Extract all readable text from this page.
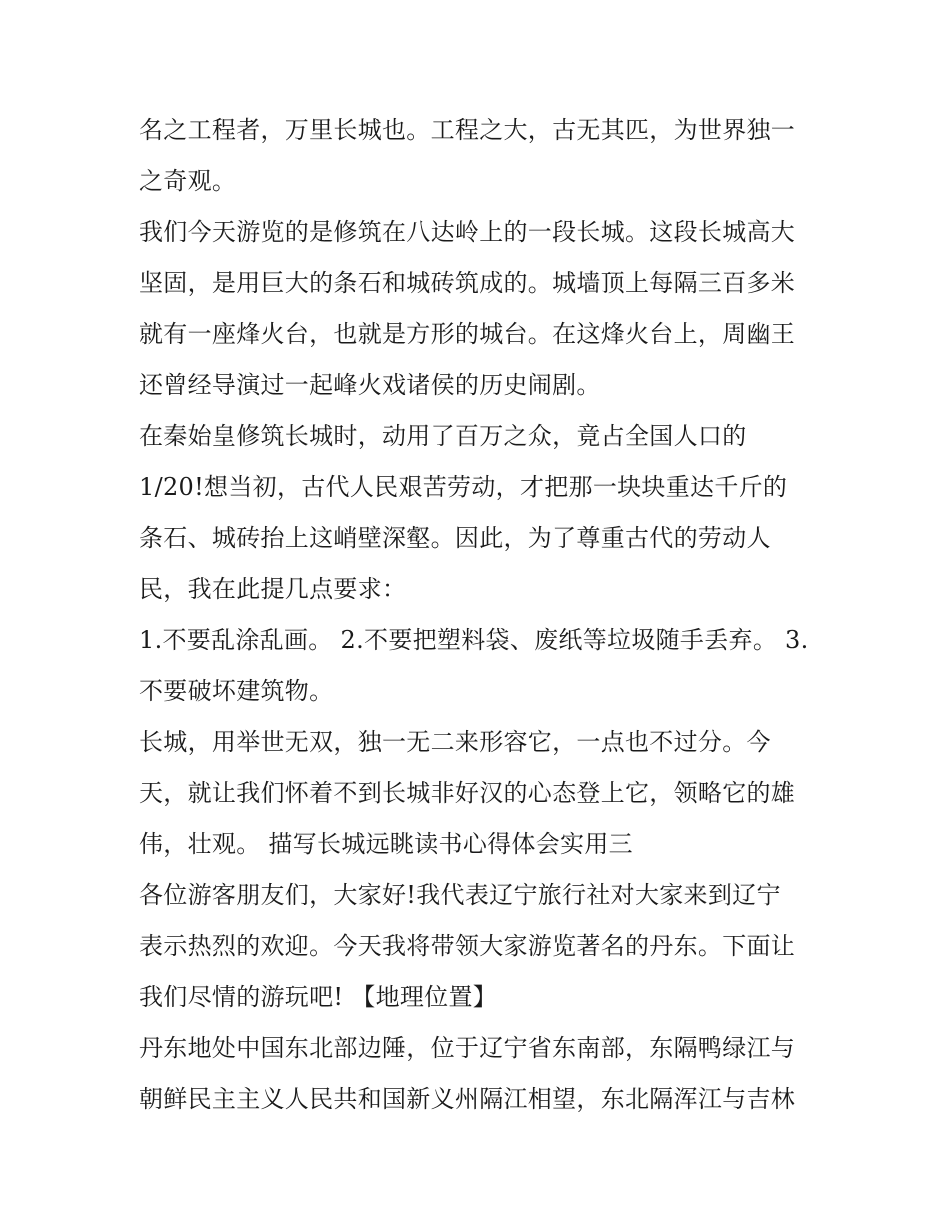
名之工程者，万里长城也。工程之大，古无其匹，为世界独一
之奇观。
我们今天游览的是修筑在八达岭上的一段长城。这段长城高大
坚固，是用巨大的条石和城砖筑成的。城墙顶上每隔三百多米
就有一座烽火台，也就是方形的城台。在这烽火台上，周幽王
还曾经导演过一起峰火戏诸侯的历史闹剧。
在秦始皇修筑长城时，动用了百万之众，竟占全国人口的
1/20!想当初，古代人民艰苦劳动，才把那一块块重达千斤的
条石、城砖抬上这峭壁深壑。因此，为了尊重古代的劳动人
民，我在此提几点要求：
1.不要乱涂乱画。 2.不要把塑料袋、废纸等垃圾随手丢弃。 3.
不要破坏建筑物。
长城，用举世无双，独一无二来形容它，一点也不过分。今
天，就让我们怀着不到长城非好汉的心态登上它，领略它的雄
伟，壮观。 描写长城远眺读书心得体会实用三
各位游客朋友们，大家好!我代表辽宁旅行社对大家来到辽宁
表示热烈的欢迎。今天我将带领大家游览著名的丹东。下面让
我们尽情的游玩吧! 【地理位置】
丹东地处中国东北部边陲，位于辽宁省东南部，东隔鸭绿江与
朝鲜民主主义人民共和国新义州隔江相望，东北隔浑江与吉林
